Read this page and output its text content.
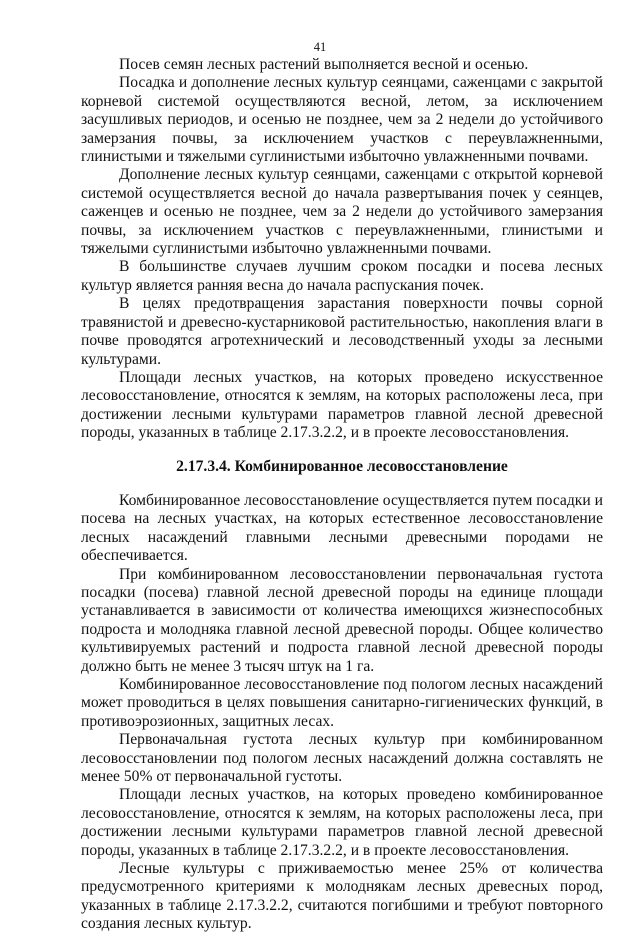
41

Посев семян лесных растений выполняется весной и осенью.

Посадка и дополнение лесных культур сеянцами, саженцами с закрытой корневой системой осуществляются весной, летом, за исключением засушливых периодов, и осенью не позднее, чем за 2 недели до устойчивого замерзания почвы, за исключением участков с переувлажненными, глинистыми и тяжелыми суглинистыми избыточно увлажненными почвами.

Дополнение лесных культур сеянцами, саженцами с открытой корневой системой осуществляется весной до начала развертывания почек у сеянцев, саженцев и осенью не позднее, чем за 2 недели до устойчивого замерзания почвы, за исключением участков с переувлажненными, глинистыми и тяжелыми суглинистыми избыточно увлажненными почвами.

В большинстве случаев лучшим сроком посадки и посева лесных культур является ранняя весна до начала распускания почек.

В целях предотвращения зарастания поверхности почвы сорной травянистой и древесно-кустарниковой растительностью, накопления влаги в почве проводятся агротехнический и лесоводственный уходы за лесными культурами.

Площади лесных участков, на которых проведено искусственное лесовосстановление, относятся к землям, на которых расположены леса, при достижении лесными культурами параметров главной лесной древесной породы, указанных в таблице 2.17.3.2.2, и в проекте лесовосстановления.

2.17.3.4. Комбинированное лесовосстановление

Комбинированное лесовосстановление осуществляется путем посадки и посева на лесных участках, на которых естественное лесовосстановление лесных насаждений главными лесными древесными породами не обеспечивается.

При комбинированном лесовосстановлении первоначальная густота посадки (посева) главной лесной древесной породы на единице площади устанавливается в зависимости от количества имеющихся жизнеспособных подроста и молодняка главной лесной древесной породы. Общее количество культивируемых растений и подроста главной лесной древесной породы должно быть не менее 3 тысяч штук на 1 га.

Комбинированное лесовосстановление под пологом лесных насаждений может проводиться в целях повышения санитарно-гигиенических функций, в противоэрозионных, защитных лесах.

Первоначальная густота лесных культур при комбинированном лесовосстановлении под пологом лесных насаждений должна составлять не менее 50% от первоначальной густоты.

Площади лесных участков, на которых проведено комбинированное лесовосстановление, относятся к землям, на которых расположены леса, при достижении лесными культурами параметров главной лесной древесной породы, указанных в таблице 2.17.3.2.2, и в проекте лесовосстановления.

Лесные культуры с приживаемостью менее 25% от количества предусмотренного критериями к молоднякам лесных древесных пород, указанных в таблице 2.17.3.2.2, считаются погибшими и требуют повторного создания лесных культур.
